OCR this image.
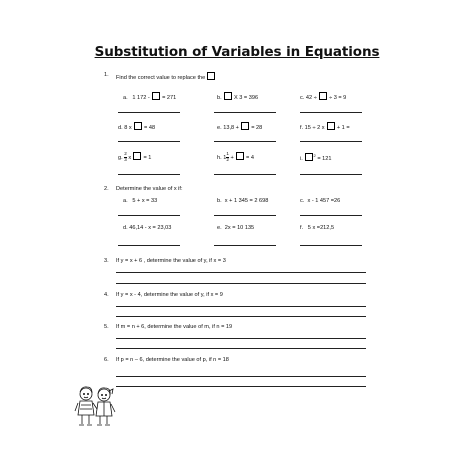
Substitution of Variables in Equations
1. Find the correct value to replace the
a. 1 172 -  = 271	b.  X 3 = 396	c. 42 ÷  ÷ 3 = 9
d. 8 x  = 48	e. 13,8 +  = 28	f. 15 ÷ 2 x  + 1 =
g. $\frac{2}{3}$ x  = 1	h. $1 \frac{1}{2}$ +  = 4	i. $^2$ = 121
2. Determine the value of x if:
a. 5 + x = 33	b. x + 1 345 = 2 698	c. x - 1 457 =26
d. 46,14 - x = 23,03	e. 2x = 10 135	f. 5 x =212,5
3. If y = x + 6 , determine the value of y, if x = 3
4. If y = x - 4, determine the value of y, if x = 9
5. If m = n + 6, determine the value of m, if n = 19
6. If p = n – 6, determine the value of p, if n = 18
